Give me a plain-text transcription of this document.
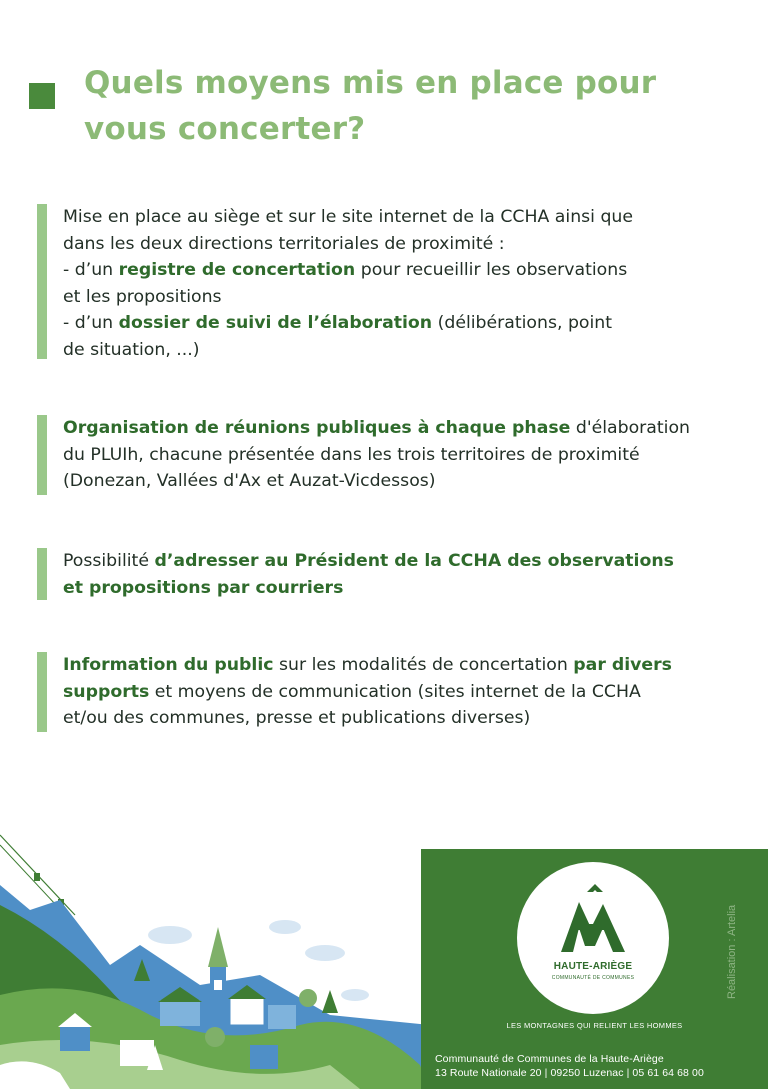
Quels moyens mis en place pour vous concerter?

Mise en place au siège et sur le site internet de la CCHA ainsi que

dans les deux directions territoriales de proximité :

- d’un registre de concertation pour recueillir les observations

et les propositions

- d’un dossier de suivi de l’élaboration (délibérations, point

de situation, ...)

Organisation de réunions publiques à chaque phase d'élaboration

du PLUIh, chacune présentée dans les trois territoires de proximité

(Donezan, Vallées d'Ax et Auzat-Vicdessos)

Possibilité d’adresser au Président de la CCHA des observations

et propositions par courriers

Information du public sur les modalités de concertation par divers

supports et moyens de communication (sites internet de la CCHA

et/ou des communes, presse et publications diverses)

HAUTE-ARIÈGE
COMMUNAUTÉ DE COMMUNES
LES MONTAGNES QUI RELIENT LES HOMMES
Communauté de Communes de la Haute-Ariège
13 Route Nationale 20 | 09250 Luzenac | 05 61 64 68 00
Réalisation : Artelia
